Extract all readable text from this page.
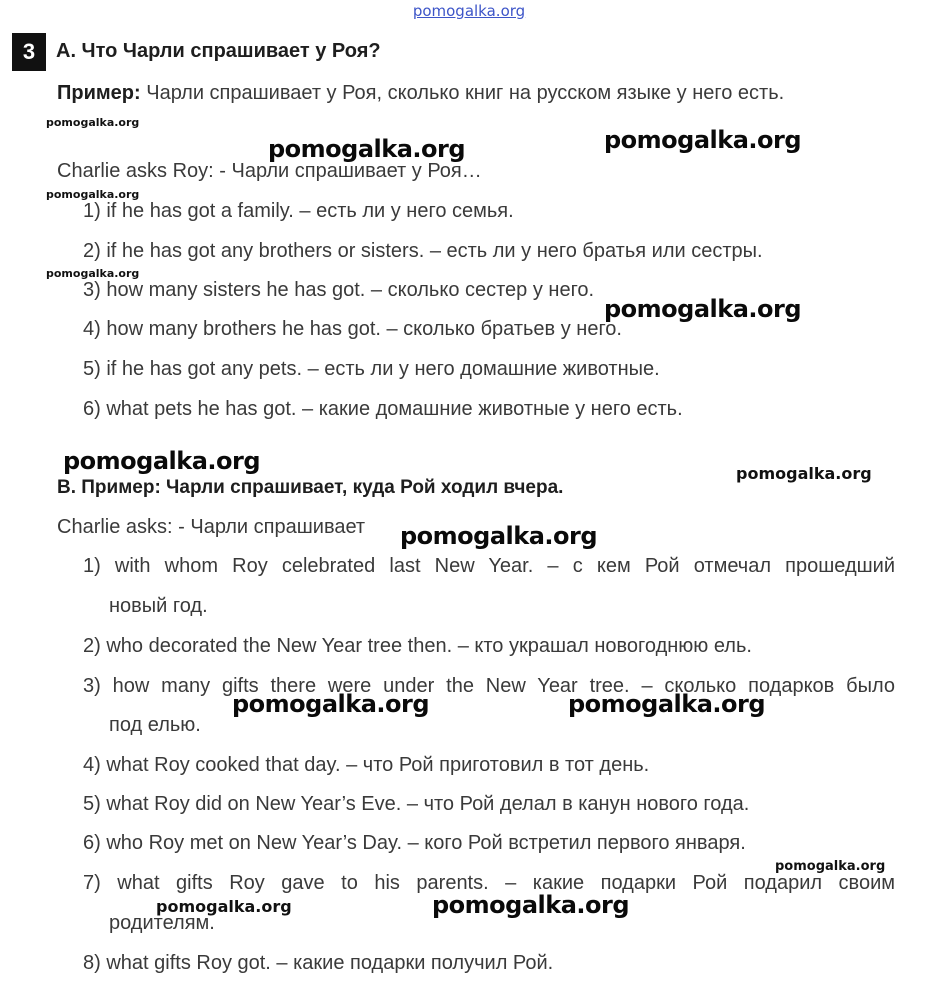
pomogalka.org
3	A. Что Чарли спрашивает у Роя?
Пример: Чарли спрашивает у Роя, сколько книг на русском языке у него есть.
Charlie asks Roy: - Чарли спрашивает у Роя…
1) if he has got a family. – есть ли у него семья.
2) if he has got any brothers or sisters. – есть ли у него братья или сестры.
3) how many sisters he has got. – сколько сестер у него.
4) how many brothers he has got. – сколько братьев у него.
5) if he has got any pets. – есть ли у него домашние животные.
6) what pets he has got. – какие домашние животные у него есть.
B. Пример: Чарли спрашивает, куда Рой ходил вчера.
Charlie asks: - Чарли спрашивает
1) with whom Roy celebrated last New Year. – с кем Рой отмечал прошедший
новый год.
2) who decorated the New Year tree then. – кто украшал новогоднюю ель.
3) how many gifts there were under the New Year tree. – сколько подарков было
под елью.
4) what Roy cooked that day. – что Рой приготовил в тот день.
5) what Roy did on New Year’s Eve. – что Рой делал в канун нового года.
6) who Roy met on New Year’s Day. – кого Рой встретил первого января.
7) what gifts Roy gave to his parents. – какие подарки Рой подарил своим
родителям.
8) what gifts Roy got. – какие подарки получил Рой.
pomogalka.org
pomogalka.org	pomogalka.org
pomogalka.org
pomogalka.org
pomogalka.org
pomogalka.org	pomogalka.org
pomogalka.org
pomogalka.org	pomogalka.org
pomogalka.org
pomogalka.org	pomogalka.org
